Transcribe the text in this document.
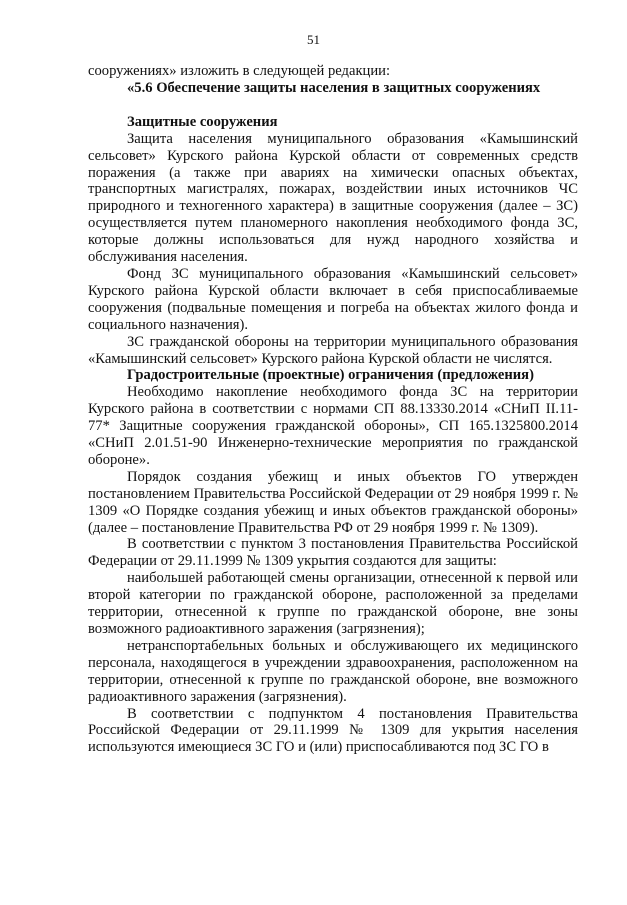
51

сооружениях» изложить в следующей редакции:

«5.6 Обеспечение защиты населения в защитных сооружениях

Защитные сооружения

Защита населения муниципального образования «Камышинский сельсовет» Курского района Курской области от современных средств поражения (а также при авариях на химически опасных объектах, транспортных магистралях, пожарах, воздействии иных источников ЧС природного и техногенного характера) в защитные сооружения (далее – ЗС) осуществляется путем планомерного накопления необходимого фонда ЗС, которые должны использоваться для нужд народного хозяйства и обслуживания населения.

Фонд ЗС муниципального образования «Камышинский сельсовет» Курского района Курской области включает в себя приспосабливаемые сооружения (подвальные помещения и погреба на объектах жилого фонда и социального назначения).

ЗС гражданской обороны на территории муниципального образования «Камышинский сельсовет» Курского района Курской области не числятся.

Градостроительные (проектные) ограничения (предложения)

Необходимо накопление необходимого фонда ЗС на территории Курского района в соответствии с нормами СП 88.13330.2014 «СНиП II.11-77* Защитные сооружения гражданской обороны», СП 165.1325800.2014 «СНиП 2.01.51-90 Инженерно-технические мероприятия по гражданской обороне».

Порядок создания убежищ и иных объектов ГО утвержден постановлением Правительства Российской Федерации от 29 ноября 1999 г. № 1309 «О Порядке создания убежищ и иных объектов гражданской обороны» (далее – постановление Правительства РФ от 29 ноября 1999 г. № 1309).

В соответствии с пунктом 3 постановления Правительства Российской Федерации от 29.11.1999 № 1309 укрытия создаются для защиты:

наибольшей работающей смены организации, отнесенной к первой или второй категории по гражданской обороне, расположенной за пределами территории, отнесенной к группе по гражданской обороне, вне зоны возможного радиоактивного заражения (загрязнения);

нетранспортабельных больных и обслуживающего их медицинского персонала, находящегося в учреждении здравоохранения, расположенном на территории, отнесенной к группе по гражданской обороне, вне возможного радиоактивного заражения (загрязнения).

В соответствии с подпунктом 4 постановления Правительства Российской Федерации от 29.11.1999 № 1309 для укрытия населения используются имеющиеся ЗС ГО и (или) приспосабливаются под ЗС ГО в
